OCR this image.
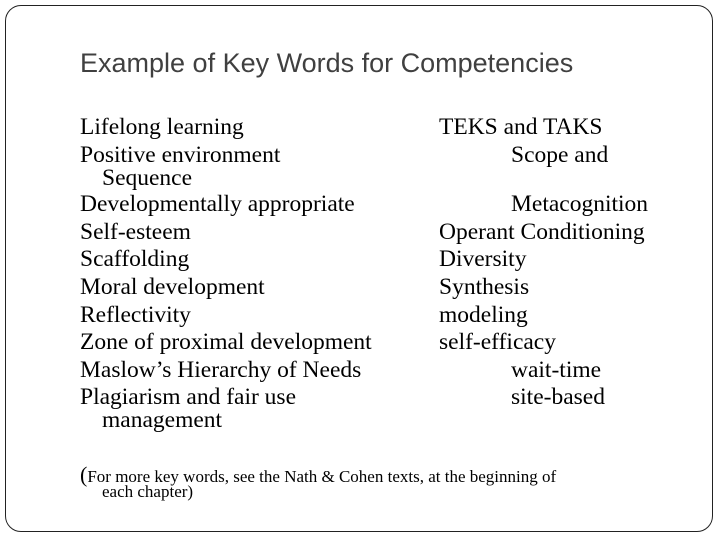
Example of Key Words for Competencies
Lifelong learning
Positive environment
Sequence
Developmentally appropriate
Self-esteem
Scaffolding
Moral development
Reflectivity
Zone of proximal development
Maslow’s Hierarchy of Needs
Plagiarism and fair use
management
TEKS and TAKS
Scope and
Metacognition
Operant Conditioning
Diversity
Synthesis
modeling
self-efficacy
wait-time
site-based
(For more key words, see the Nath & Cohen texts, at the beginning of
each chapter)
